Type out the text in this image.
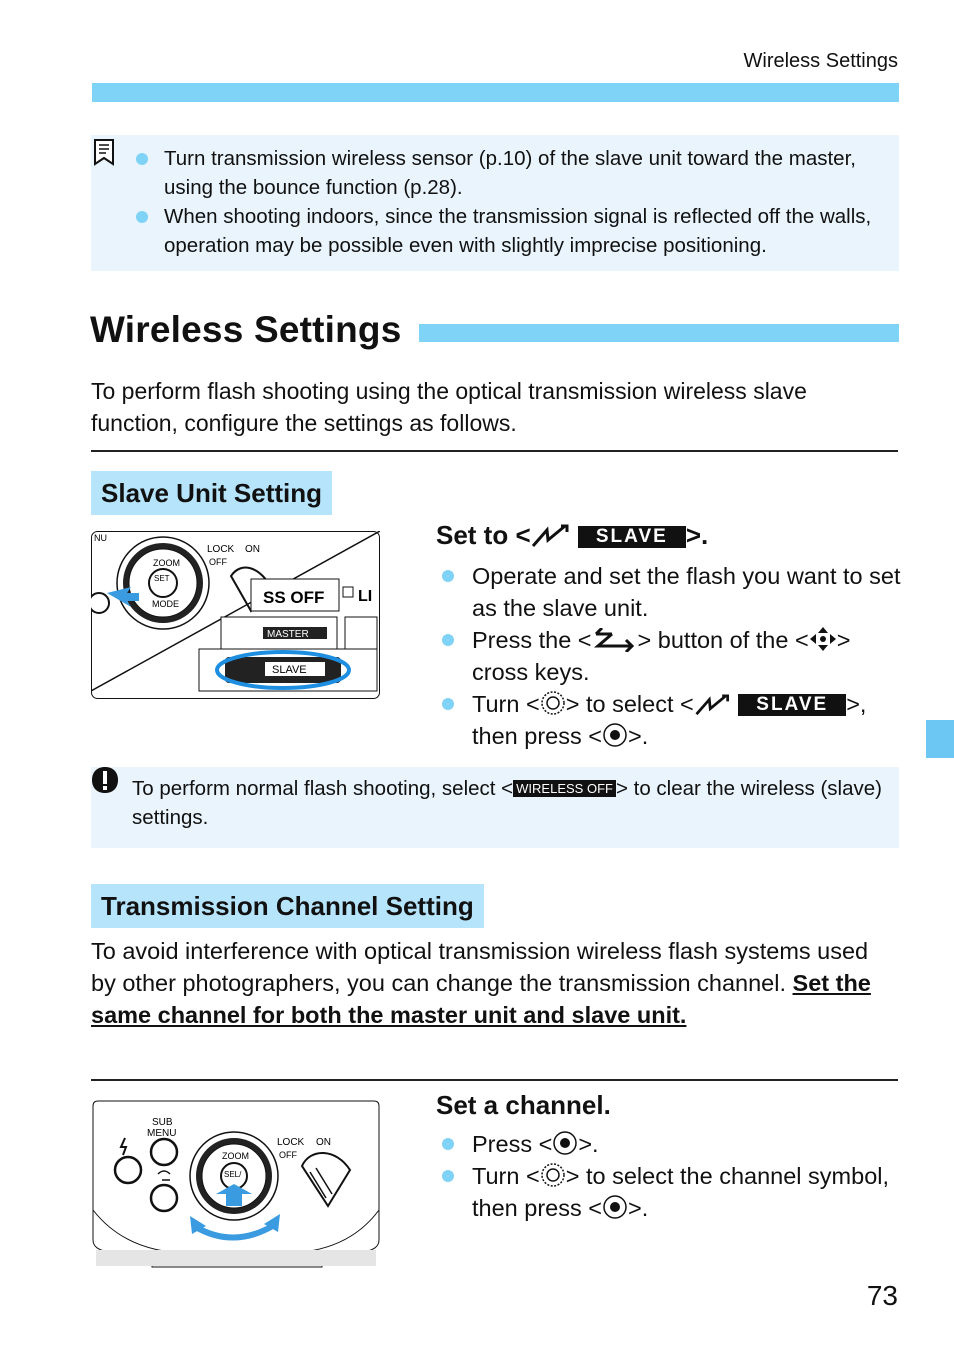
Wireless Settings
Turn transmission wireless sensor (p.10) of the slave unit toward the master, using the bounce function (p.28).
When shooting indoors, since the transmission signal is reflected off the walls, operation may be possible even with slightly imprecise positioning.
Wireless Settings
To perform flash shooting using the optical transmission wireless slave function, configure the settings as follows.
Slave Unit Setting
ZOOM
SET
MODE
NU
LOCK ON
OFF
SS OFF LI
MASTER
SLAVE
Set to <	SLAVE >.
Operate and set the flash you want to set as the slave unit.
Press the < > button of the < > cross keys.
Turn < > to select <	SLAVE >,
then press < >.
To perform normal flash shooting, select < WIRELESS OFF > to clear the wireless (slave) settings.
Transmission Channel Setting
To avoid interference with optical transmission wireless flash systems used by other photographers, you can change the transmission channel. Set the same channel for both the master unit and slave unit.
SUB
MENU
ZOOM
SEL/
LOCK ON
OFF
Set a channel.
Press < >.
Turn < > to select the channel symbol, then press < >.
73
